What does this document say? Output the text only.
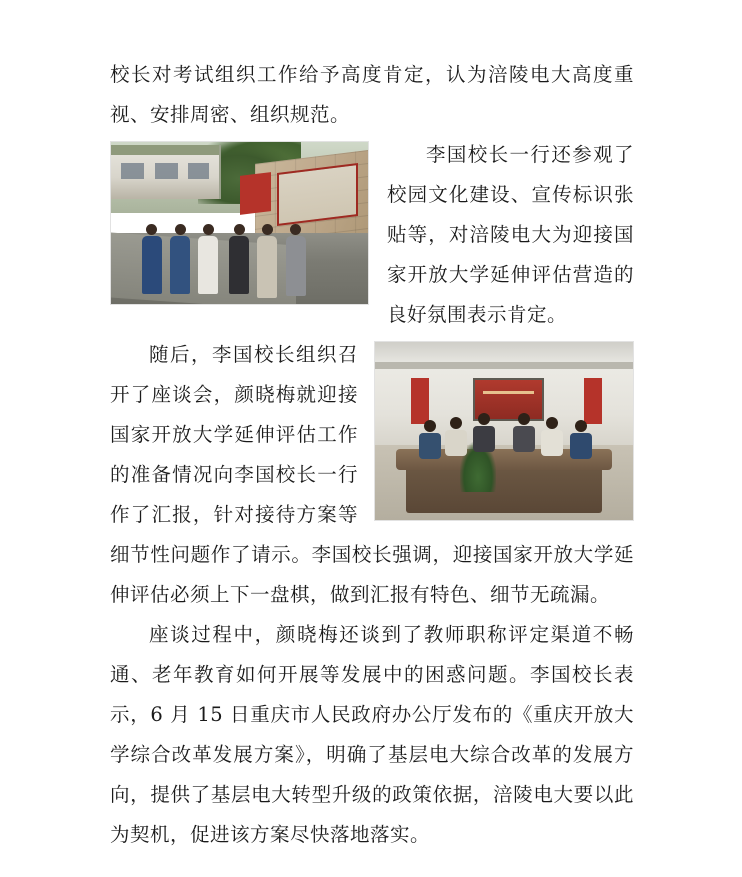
校长对考试组织工作给予高度肯定，认为涪陵电大高度重视、安排周密、组织规范。

李国校长一行还参观了校园文化建设、宣传标识张贴等，对涪陵电大为迎接国家开放大学延伸评估营造的良好氛围表示肯定。

随后，李国校长组织召开了座谈会，颜晓梅就迎接国家开放大学延伸评估工作的准备情况向李国校长一行作了汇报，针对接待方案等细节性问题作了请示。李国校长强调，迎接国家开放大学延伸评估必须上下一盘棋，做到汇报有特色、细节无疏漏。

座谈过程中，颜晓梅还谈到了教师职称评定渠道不畅通、老年教育如何开展等发展中的困惑问题。李国校长表示，6 月 15 日重庆市人民政府办公厅发布的《重庆开放大学综合改革发展方案》，明确了基层电大综合改革的发展方向，提供了基层电大转型升级的政策依据，涪陵电大要以此为契机，促进该方案尽快落地落实。
